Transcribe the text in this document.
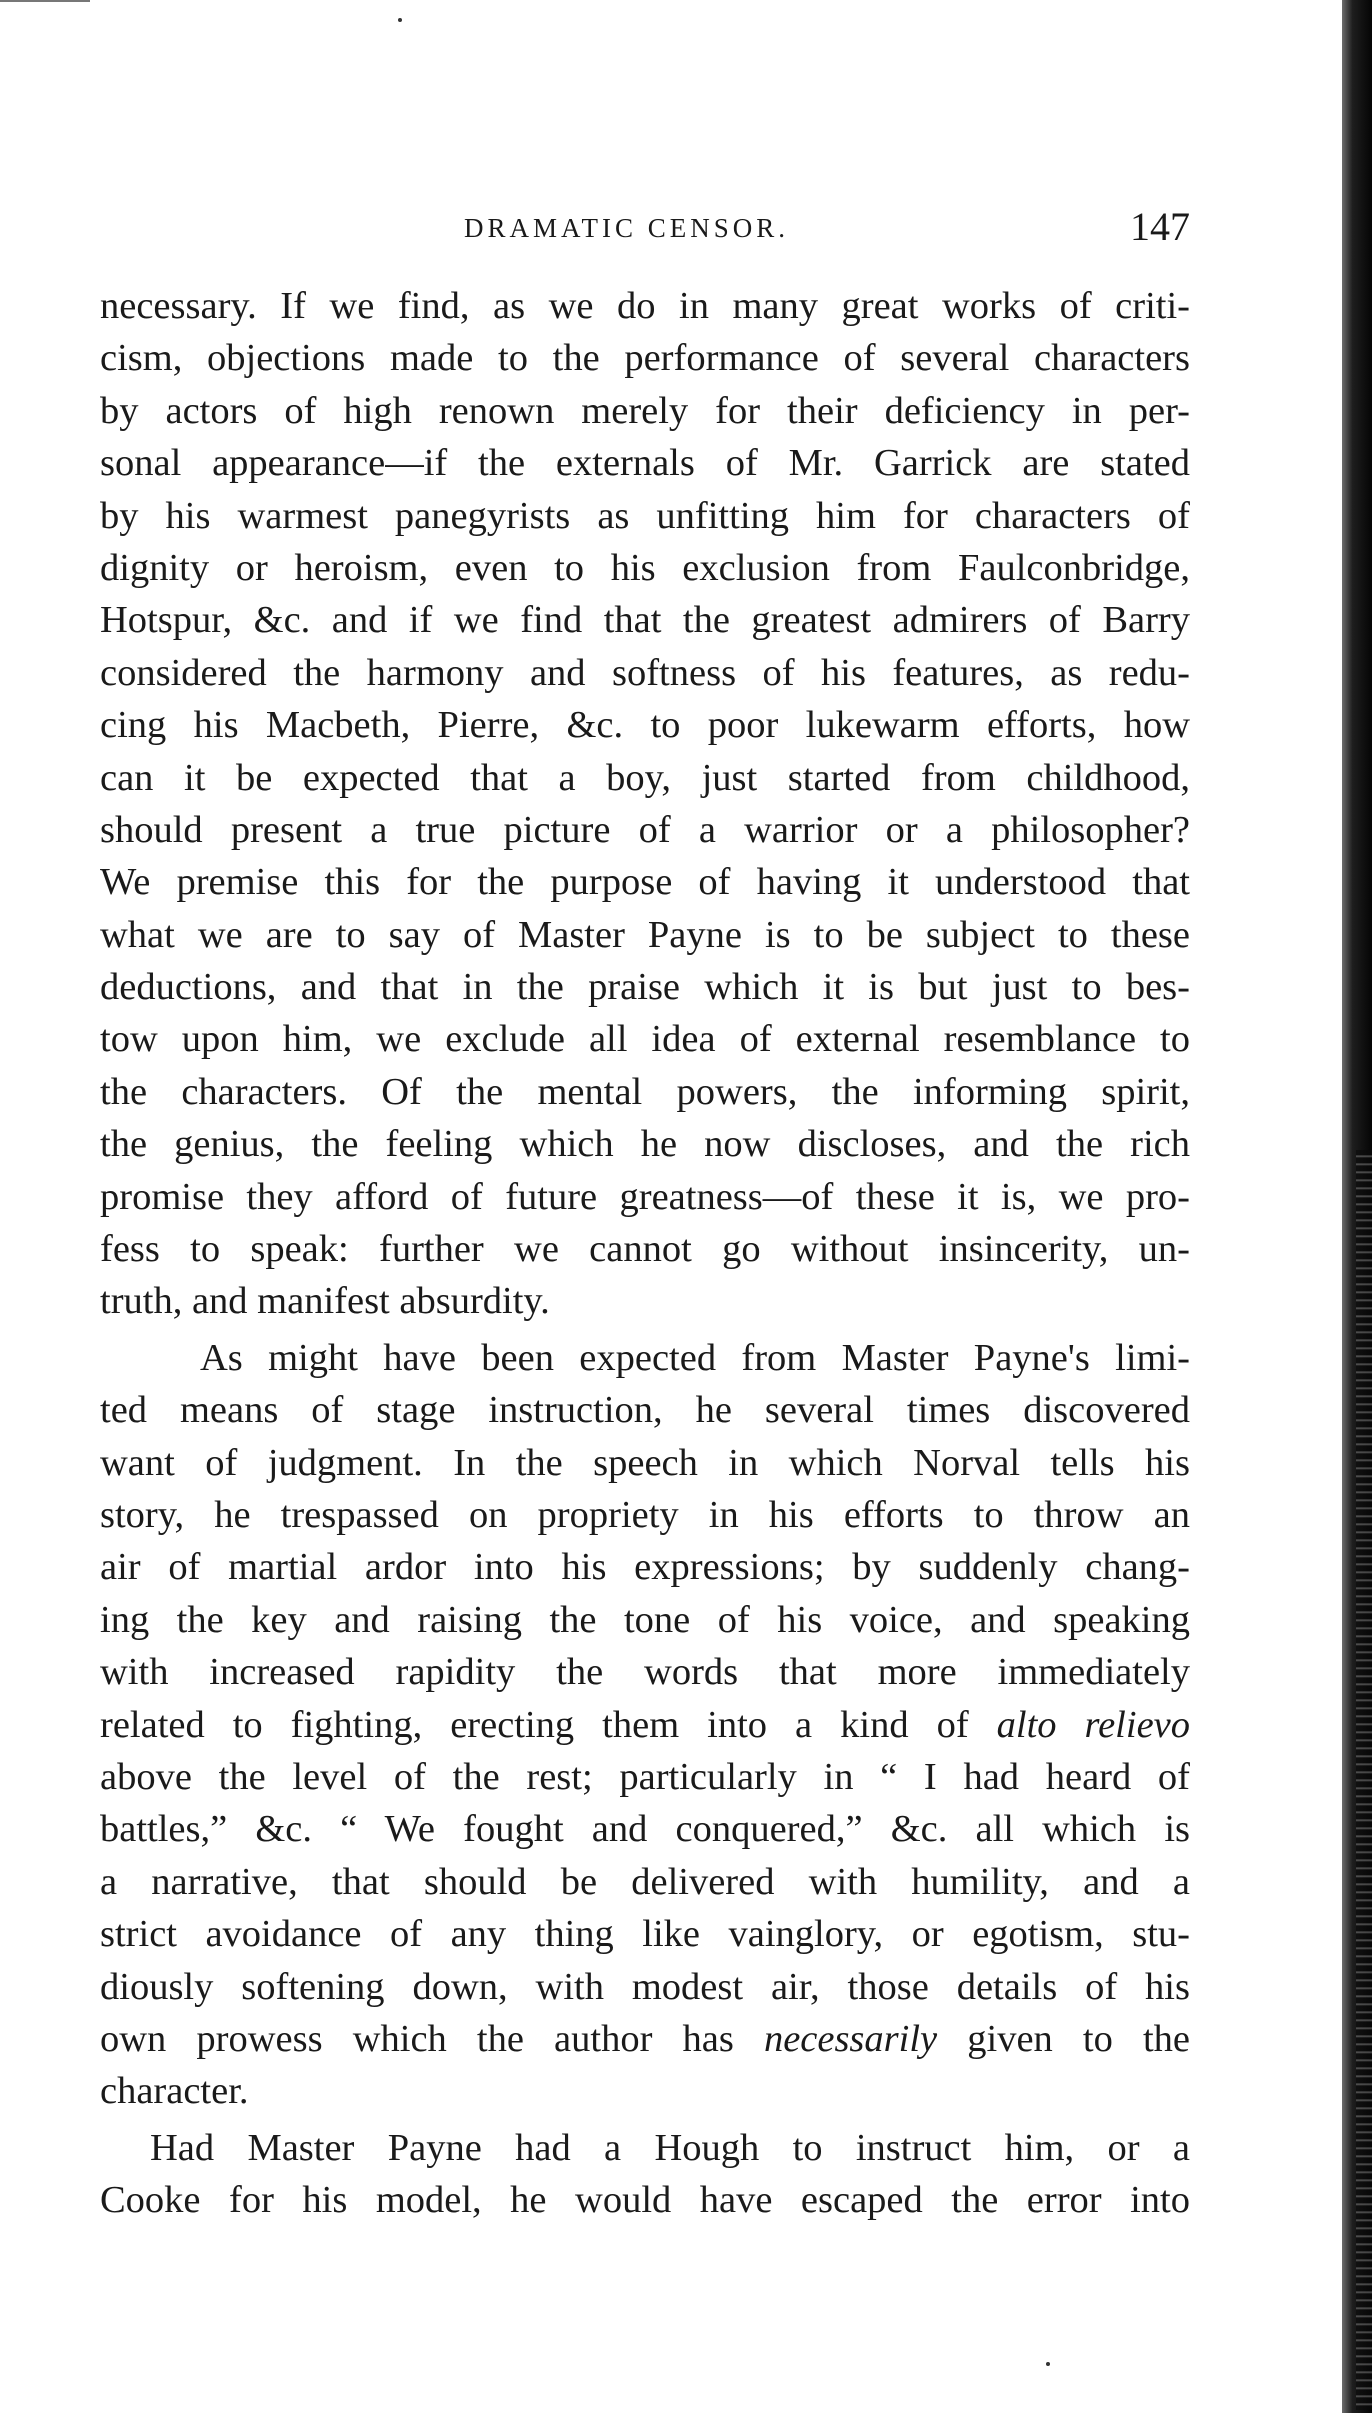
DRAMATIC CENSOR.	147
necessary. If we find, as we do in many great works of criti-
cism, objections made to the performance of several characters
by actors of high renown merely for their deficiency in per-
sonal appearance—if the externals of Mr. Garrick are stated
by his warmest panegyrists as unfitting him for characters of
dignity or heroism, even to his exclusion from Faulconbridge,
Hotspur, &c. and if we find that the greatest admirers of Barry
considered the harmony and softness of his features, as redu-
cing his Macbeth, Pierre, &c. to poor lukewarm efforts, how
can it be expected that a boy, just started from childhood,
should present a true picture of a warrior or a philosopher?
We premise this for the purpose of having it understood that
what we are to say of Master Payne is to be subject to these
deductions, and that in the praise which it is but just to bes-
tow upon him, we exclude all idea of external resemblance to
the characters. Of the mental powers, the informing spirit,
the genius, the feeling which he now discloses, and the rich
promise they afford of future greatness—of these it is, we pro-
fess to speak: further we cannot go without insincerity, un-
truth, and manifest absurdity.
As might have been expected from Master Payne's limi-
ted means of stage instruction, he several times discovered
want of judgment. In the speech in which Norval tells his
story, he trespassed on propriety in his efforts to throw an
air of martial ardor into his expressions; by suddenly chang-
ing the key and raising the tone of his voice, and speaking
with increased rapidity the words that more immediately
related to fighting, erecting them into a kind of alto relievo
above the level of the rest; particularly in “ I had heard of
battles,” &c. “ We fought and conquered,” &c. all which is
a narrative, that should be delivered with humility, and a
strict avoidance of any thing like vainglory, or egotism, stu-
diously softening down, with modest air, those details of his
own prowess which the author has necessarily given to the
character.
Had Master Payne had a Hough to instruct him, or a
Cooke for his model, he would have escaped the error into
